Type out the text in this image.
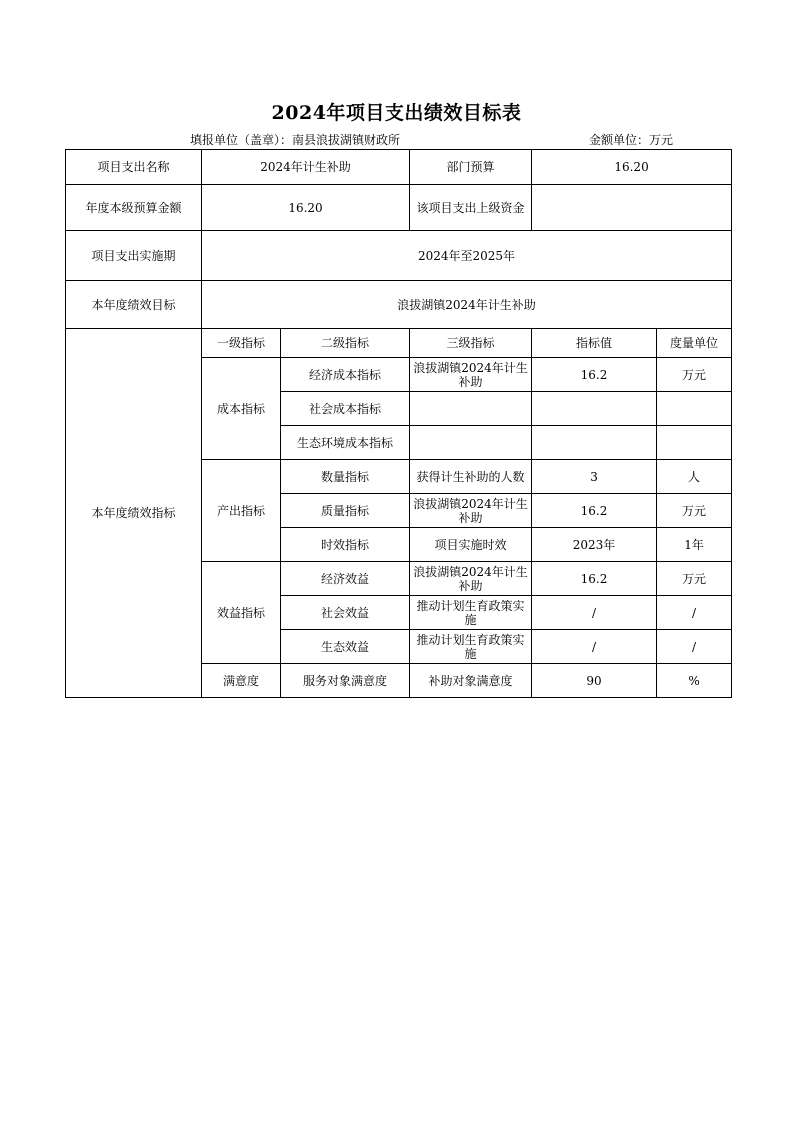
2024年项目支出绩效目标表
填报单位（盖章）：南县浪拔湖镇财政所	金额单位：万元
项目支出名称	2024年计生补助		部门预算	16.20	
年度本级预算金额	16.20		该项目支出上级资金		
项目支出实施期	2024年至2025年				
本年度绩效目标	浪拔湖镇2024年计生补助				
本年度绩效指标	一级指标	二级指标	三级指标	指标值	度量单位
	成本指标	经济成本指标	浪拔湖镇2024年计生补助	16.2	万元
		社会成本指标			
		生态环境成本指标			
	产出指标	数量指标	获得计生补助的人数	3	人
		质量指标	浪拔湖镇2024年计生补助	16.2	万元
		时效指标	项目实施时效	2023年	1年
	效益指标	经济效益	浪拔湖镇2024年计生补助	16.2	万元
		社会效益	推动计划生育政策实施	/	/
		生态效益	推动计划生育政策实施	/	/
	满意度	服务对象满意度	补助对象满意度	90	%
